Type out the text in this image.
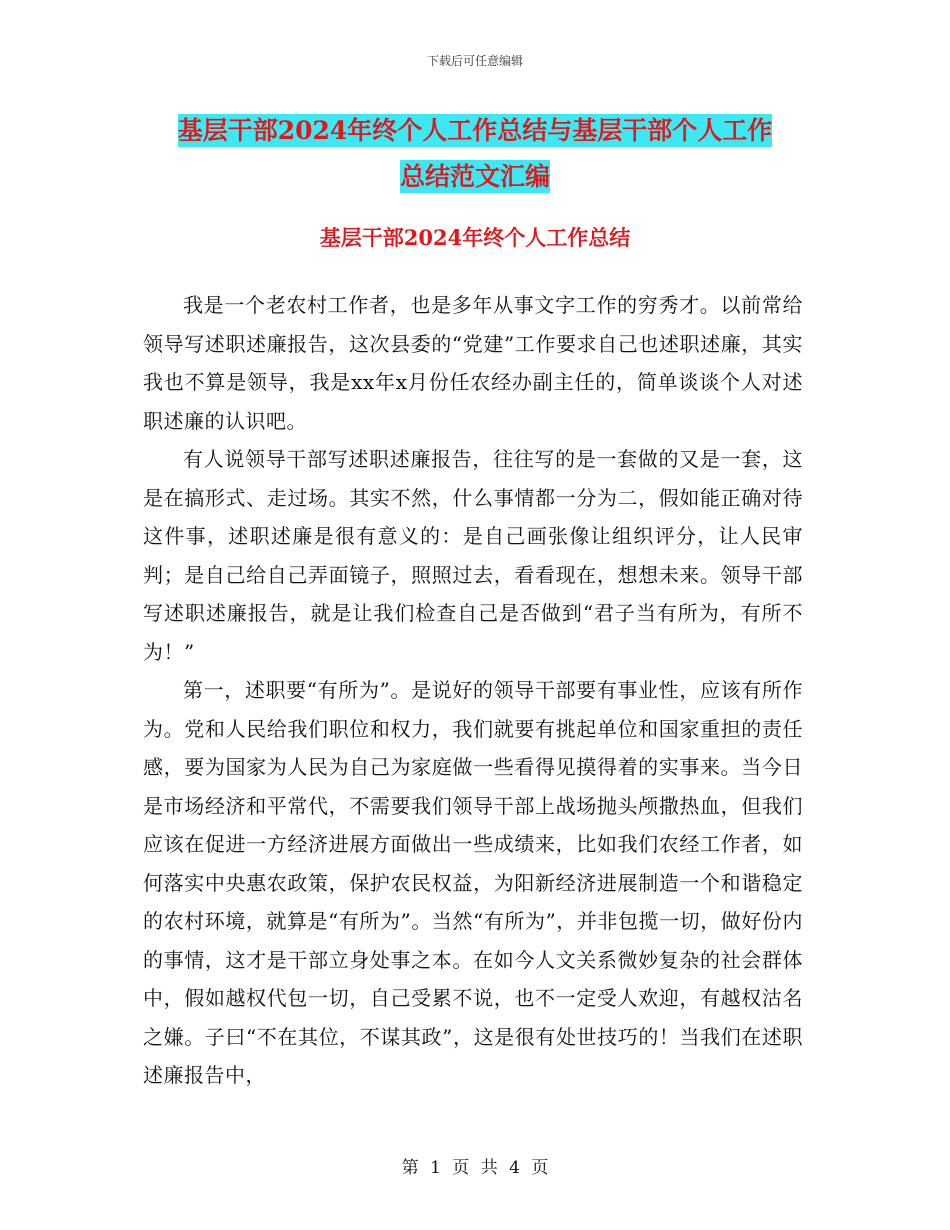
下载后可任意编辑
基层干部2024年终个人工作总结与基层干部个人工作
总结范文汇编
基层干部2024年终个人工作总结

我是一个老农村工作者，也是多年从事文字工作的穷秀才。以前常给领导写述职述廉报告，这次县委的“党建”工作要求自己也述职述廉，其实我也不算是领导，我是xx年x月份任农经办副主任的，简单谈谈个人对述职述廉的认识吧。

有人说领导干部写述职述廉报告，往往写的是一套做的又是一套，这是在搞形式、走过场。其实不然，什么事情都一分为二，假如能正确对待这件事，述职述廉是很有意义的：是自己画张像让组织评分，让人民审判；是自己给自己弄面镜子，照照过去，看看现在，想想未来。领导干部写述职述廉报告，就是让我们检查自己是否做到“君子当有所为，有所不为！”

第一，述职要“有所为”。是说好的领导干部要有事业性，应该有所作为。党和人民给我们职位和权力，我们就要有挑起单位和国家重担的责任感，要为国家为人民为自己为家庭做一些看得见摸得着的实事来。当今日是市场经济和平常代，不需要我们领导干部上战场抛头颅撒热血，但我们应该在促进一方经济进展方面做出一些成绩来，比如我们农经工作者，如何落实中央惠农政策，保护农民权益，为阳新经济进展制造一个和谐稳定的农村环境，就算是“有所为”。当然“有所为”，并非包揽一切，做好份内的事情，这才是干部立身处事之本。在如今人文关系微妙复杂的社会群体中，假如越权代包一切，自己受累不说，也不一定受人欢迎，有越权沽名之嫌。子曰“不在其位，不谋其政”，这是很有处世技巧的！当我们在述职述廉报告中，

第 1 页 共 4 页
